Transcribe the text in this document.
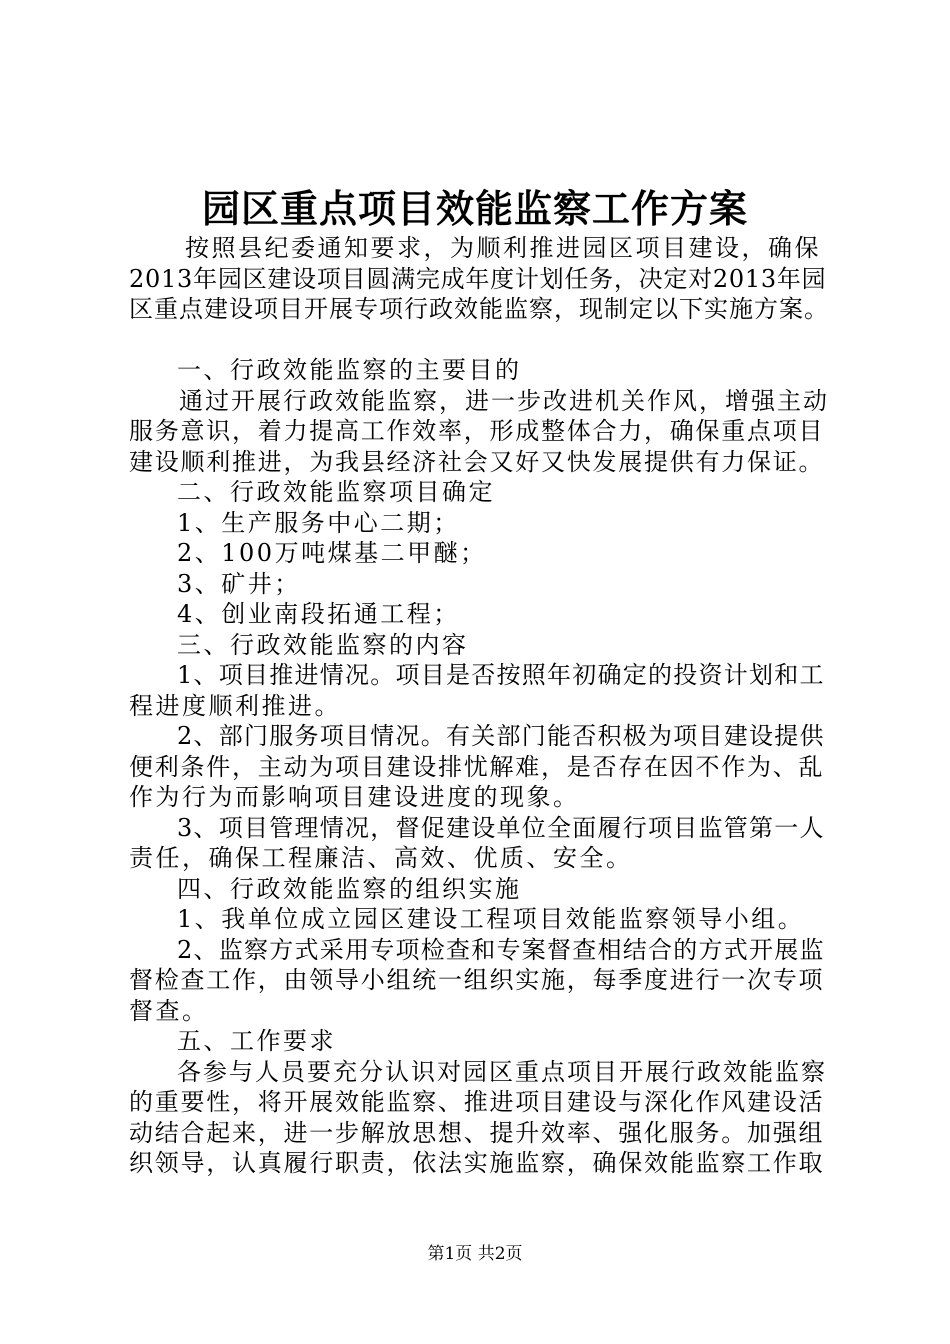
园区重点项目效能监察工作方案
按照县纪委通知要求，为顺利推进园区项目建设，确保
2013年园区建设项目圆满完成年度计划任务，决定对2013年园
区重点建设项目开展专项行政效能监察，现制定以下实施方案。
一、行政效能监察的主要目的
通过开展行政效能监察，进一步改进机关作风，增强主动
服务意识，着力提高工作效率，形成整体合力，确保重点项目
建设顺利推进，为我县经济社会又好又快发展提供有力保证。
二、行政效能监察项目确定
1、生产服务中心二期；
2、100万吨煤基二甲醚；
3、矿井；
4、创业南段拓通工程；
三、行政效能监察的内容
1、项目推进情况。项目是否按照年初确定的投资计划和工
程进度顺利推进。
2、部门服务项目情况。有关部门能否积极为项目建设提供
便利条件，主动为项目建设排忧解难，是否存在因不作为、乱
作为行为而影响项目建设进度的现象。
3、项目管理情况，督促建设单位全面履行项目监管第一人
责任，确保工程廉洁、高效、优质、安全。
四、行政效能监察的组织实施
1、我单位成立园区建设工程项目效能监察领导小组。
2、监察方式采用专项检查和专案督查相结合的方式开展监
督检查工作，由领导小组统一组织实施，每季度进行一次专项
督查。
五、工作要求
各参与人员要充分认识对园区重点项目开展行政效能监察
的重要性，将开展效能监察、推进项目建设与深化作风建设活
动结合起来，进一步解放思想、提升效率、强化服务。加强组
织领导，认真履行职责，依法实施监察，确保效能监察工作取
第1页 共2页
